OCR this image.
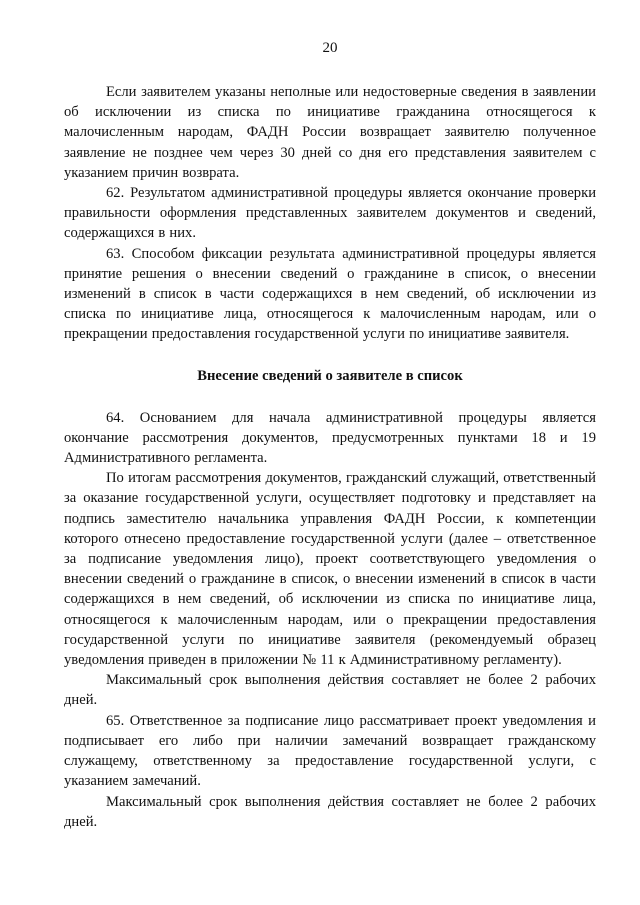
20

Если заявителем указаны неполные или недостоверные сведения в заявлении об исключении из списка по инициативе гражданина относящегося к малочисленным народам, ФАДН России возвращает заявителю полученное заявление не позднее чем через 30 дней со дня его представления заявителем с указанием причин возврата.

62. Результатом административной процедуры является окончание проверки правильности оформления представленных заявителем документов и сведений, содержащихся в них.

63. Способом фиксации результата административной процедуры является принятие решения о внесении сведений о гражданине в список, о внесении изменений в список в части содержащихся в нем сведений, об исключении из списка по инициативе лица, относящегося к малочисленным народам, или о прекращении предоставления государственной услуги по инициативе заявителя.

Внесение сведений о заявителе в список

64. Основанием для начала административной процедуры является окончание рассмотрения документов, предусмотренных пунктами 18 и 19 Административного регламента.

По итогам рассмотрения документов, гражданский служащий, ответственный за оказание государственной услуги, осуществляет подготовку и представляет на подпись заместителю начальника управления ФАДН России, к компетенции которого отнесено предоставление государственной услуги (далее – ответственное за подписание уведомления лицо), проект соответствующего уведомления о внесении сведений о гражданине в список, о внесении изменений в список в части содержащихся в нем сведений, об исключении из списка по инициативе лица, относящегося к малочисленным народам, или о прекращении предоставления государственной услуги по инициативе заявителя (рекомендуемый образец уведомления приведен в приложении № 11 к Административному регламенту).

Максимальный срок выполнения действия составляет не более 2 рабочих дней.

65. Ответственное за подписание лицо рассматривает проект уведомления и подписывает его либо при наличии замечаний возвращает гражданскому служащему, ответственному за предоставление государственной услуги, с указанием замечаний.

Максимальный срок выполнения действия составляет не более 2 рабочих дней.
